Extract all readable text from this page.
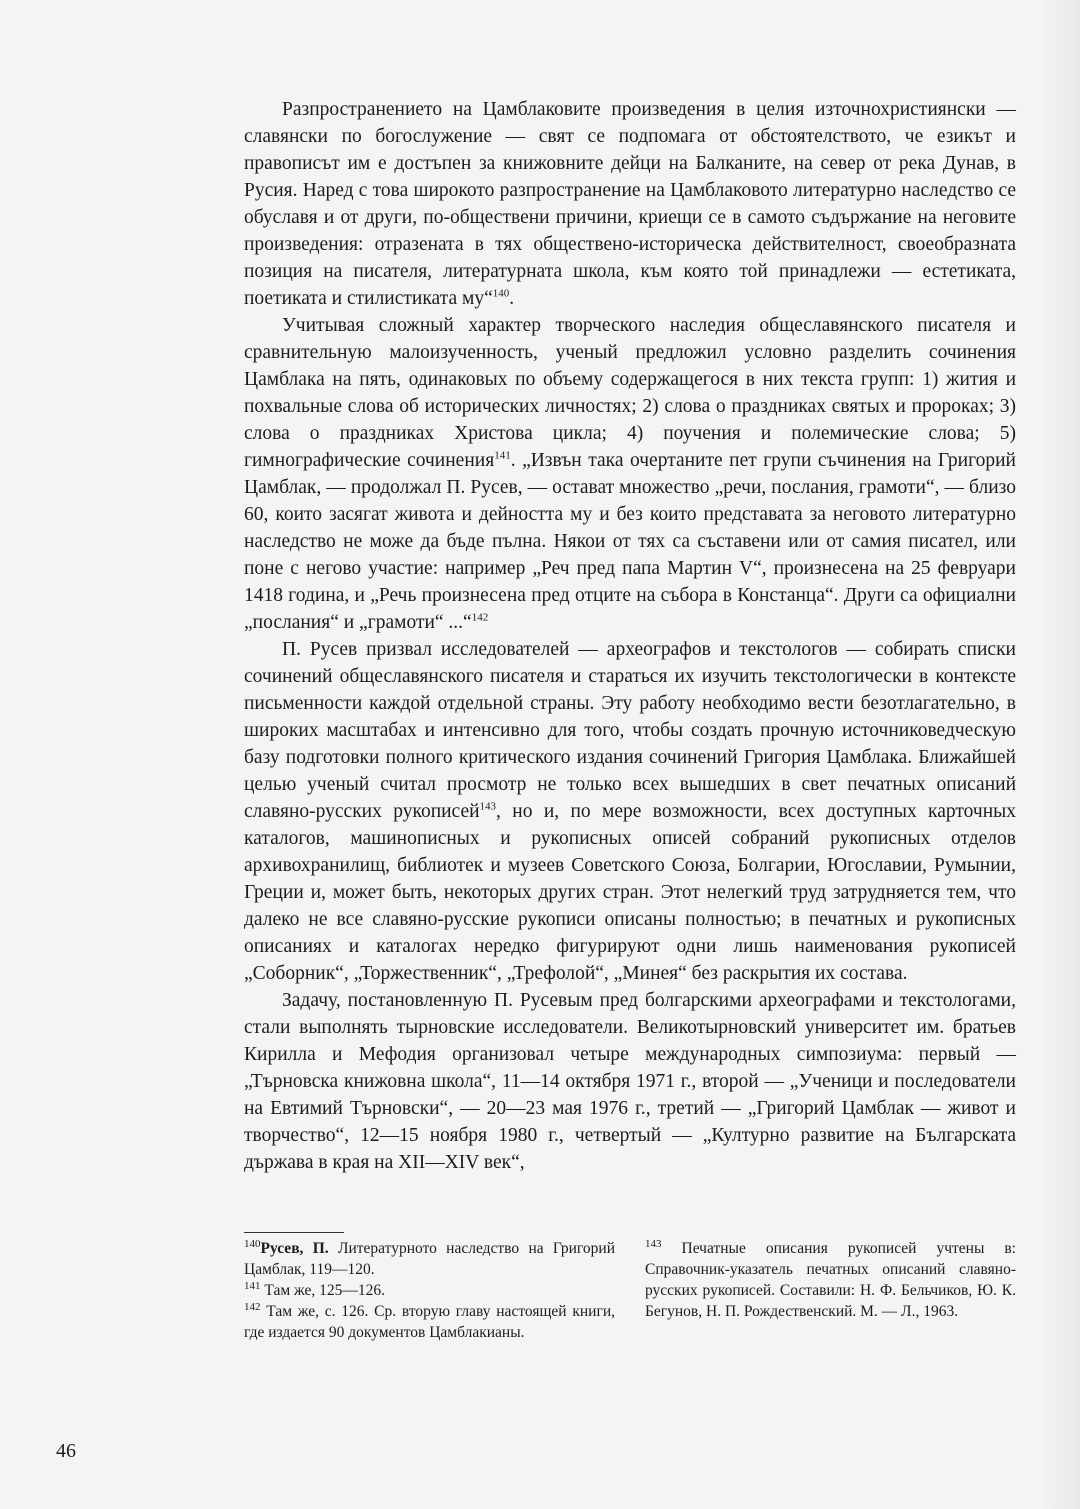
Разпространението на Цамблаковите произведения в целия източнохристиянски — славянски по богослужение — свят се подпомага от обстоятелството, че езикът и правописът им е достъпен за книжовните дейци на Балканите, на север от река Дунав, в Русия. Наред с това широкото разпространение на Цамблаковото литературно наследство се обуславя и от други, по-обществени причини, криещи се в самото съдържание на неговите произведения: отразената в тях обществено-историческа действителност, своеобразната позиция на писателя, литературната школа, към която той принадлежи — естетиката, поетиката и стилистиката му“$^{140}$.

Учитывая сложный характер творческого наследия общеславянского писателя и сравнительную малоизученность, ученый предложил условно разделить сочинения Цамблака на пять, одинаковых по объему содержащегося в них текста групп: 1) жития и похвальные слова об исторических личностях; 2) слова о праздниках святых и пророках; 3) слова о праздниках Христова цикла; 4) поучения и полемические слова; 5) гимнографические сочинения$^{141}$. „Извън така очертаните пет групи съчинения на Григорий Цамблак, — продолжал П. Русев, — остават множество „речи, послания, грамоти“, — близо 60, които засягат живота и дейността му и без които представата за неговото литературно наследство не може да бъде пълна. Някои от тях са съставени или от самия писател, или поне с негово участие: например „Реч пред папа Мартин V“, произнесена на 25 февруари 1418 година, и „Речь произнесена пред отците на събора в Констанца“. Други са официални „послания“ и „грамоти“ ...“$^{142}$

П. Русев призвал исследователей — археографов и текстологов — собирать списки сочинений общеславянского писателя и стараться их изучить текстологически в контексте письменности каждой отдельной страны. Эту работу необходимо вести безотлагательно, в широких масштабах и интенсивно для того, чтобы создать прочную источниковедческую базу подготовки полного критического издания сочинений Григория Цамблака. Ближайшей целью ученый считал просмотр не только всех вышедших в свет печатных описаний славяно-русских рукописей$^{143}$, но и, по мере возможности, всех доступных карточных каталогов, машинописных и рукописных описей собраний рукописных отделов архивохранилищ, библиотек и музеев Советского Союза, Болгарии, Югославии, Румынии, Греции и, может быть, некоторых других стран. Этот нелегкий труд затрудняется тем, что далеко не все славяно-русские рукописи описаны полностью; в печатных и рукописных описаниях и каталогах нередко фигурируют одни лишь наименования рукописей „Соборник“, „Торжественник“, „Трефолой“, „Минея“ без раскрытия их состава.

Задачу, постановленную П. Русевым пред болгарскими археографами и текстологами, стали выполнять тырновские исследователи. Великотырновский университет им. братьев Кирилла и Мефодия организовал четыре международных симпозиума: первый — „Търновска книжовна школа“, 11—14 октября 1971 г., второй — „Ученици и последователи на Евтимий Търновски“, — 20—23 мая 1976 г., третий — „Григорий Цамблак — живот и творчество“, 12—15 ноября 1980 г., четвертый — „Културно развитие на Българската държава в края на XII—XIV век“,

$^{140}$Русев, П. Литературното наследство на Григорий Цамблак, 119—120.

$^{141}$ Там же, 125—126.

$^{142}$ Там же, с. 126. Ср. вторую главу настоящей книги, где издается 90 документов Цамблакианы.

$^{143}$ Печатные описания рукописей учтены в: Справочник-указатель печатных описаний славяно-русских рукописей. Составили: Н. Ф. Бельчиков, Ю. К. Бегунов, Н. П. Рождественский. М. — Л., 1963.

46
